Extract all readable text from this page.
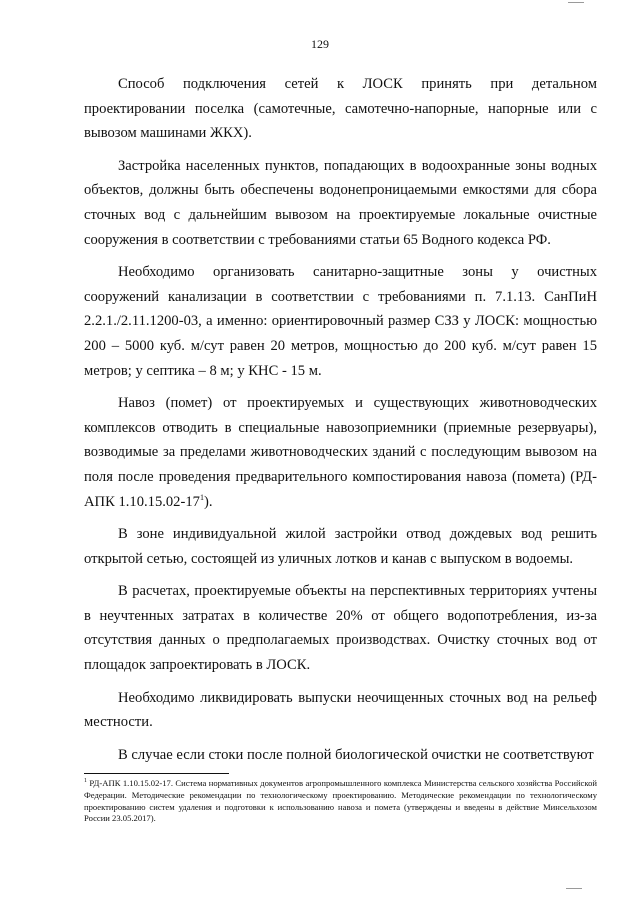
129

Способ подключения сетей к ЛОСК принять при детальном проектировании поселка (самотечные, самотечно-напорные, напорные или с вывозом машинами ЖКХ).

Застройка населенных пунктов, попадающих в водоохранные зоны водных объектов, должны быть обеспечены водонепроницаемыми емкостями для сбора сточных вод с дальнейшим вывозом на проектируемые локальные очистные сооружения в соответствии с требованиями статьи 65 Водного кодекса РФ.

Необходимо организовать санитарно-защитные зоны у очистных сооружений канализации в соответствии с требованиями п. 7.1.13. СанПиН 2.2.1./2.11.1200-03, а именно: ориентировочный размер СЗЗ у ЛОСК: мощностью 200 – 5000 куб. м/сут равен 20 метров, мощностью до 200 куб. м/сут равен 15 метров; у септика – 8 м; у КНС - 15 м.

Навоз (помет) от проектируемых и существующих животноводческих комплексов отводить в специальные навозоприемники (приемные резервуары), возводимые за пределами животноводческих зданий с последующим вывозом на поля после проведения предварительного компостирования навоза (помета) (РД-АПК $1.10.15.02-17^1$).

В зоне индивидуальной жилой застройки отвод дождевых вод решить открытой сетью, состоящей из уличных лотков и канав с выпуском в водоемы.

В расчетах, проектируемые объекты на перспективных территориях учтены в неучтенных затратах в количестве 20% от общего водопотребления, из-за отсутствия данных о предполагаемых производствах. Очистку сточных вод от площадок запроектировать в ЛОСК.

Необходимо ликвидировать выпуски неочищенных сточных вод на рельеф местности.

В случае если стоки после полной биологической очистки не соответствуют

$^1$ РД-АПК 1.10.15.02-17. Система нормативных документов агропромышленного комплекса Министерства сельского хозяйства Российской Федерации. Методические рекомендации по технологическому проектированию. Методические рекомендации по технологическому проектированию систем удаления и подготовки к использованию навоза и помета (утверждены и введены в действие Минсельхозом России 23.05.2017).
